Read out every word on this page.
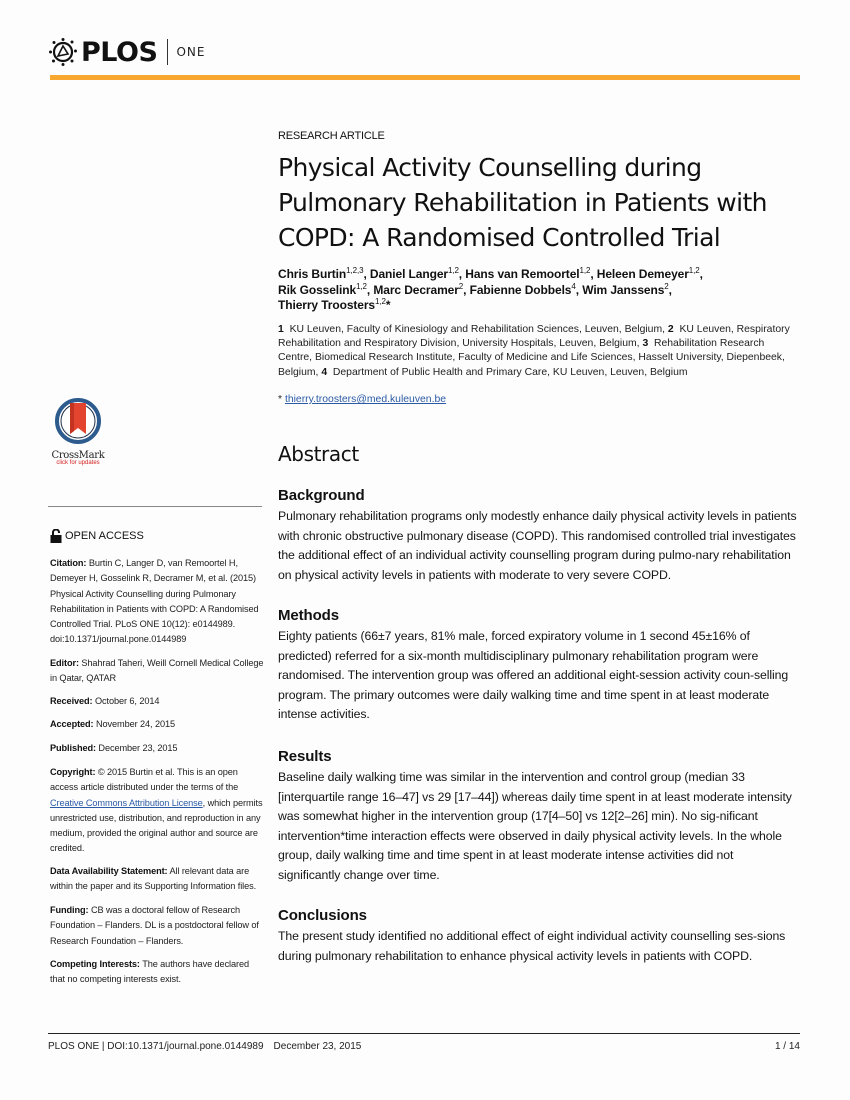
PLOS ONE
RESEARCH ARTICLE
Physical Activity Counselling during Pulmonary Rehabilitation in Patients with COPD: A Randomised Controlled Trial
Chris Burtin$^{1,2,3}$, Daniel Langer$^{1,2}$, Hans van Remoortel$^{1,2}$, Heleen Demeyer$^{1,2}$,
Rik Gosselink$^{1,2}$, Marc Decramer$^2$, Fabienne Dobbels$^4$, Wim Janssens$^2$,
Thierry Troosters$^{1,2}$*
1 KU Leuven, Faculty of Kinesiology and Rehabilitation Sciences, Leuven, Belgium, 2 KU Leuven, Respiratory Rehabilitation and Respiratory Division, University Hospitals, Leuven, Belgium, 3 Rehabilitation Research Centre, Biomedical Research Institute, Faculty of Medicine and Life Sciences, Hasselt University, Diepenbeek, Belgium, 4 Department of Public Health and Primary Care, KU Leuven, Leuven, Belgium
* thierry.troosters@med.kuleuven.be
Abstract
Background

Pulmonary rehabilitation programs only modestly enhance daily physical activity levels in patients with chronic obstructive pulmonary disease (COPD). This randomised controlled trial investigates the additional effect of an individual activity counselling program during pulmo-nary rehabilitation on physical activity levels in patients with moderate to very severe COPD.

Methods

Eighty patients (66±7 years, 81% male, forced expiratory volume in 1 second 45±16% of predicted) referred for a six-month multidisciplinary pulmonary rehabilitation program were randomised. The intervention group was offered an additional eight-session activity coun-selling program. The primary outcomes were daily walking time and time spent in at least moderate intense activities.

Results

Baseline daily walking time was similar in the intervention and control group (median 33 [interquartile range 16–47] vs 29 [17–44]) whereas daily time spent in at least moderate intensity was somewhat higher in the intervention group (17[4–50] vs 12[2–26] min). No sig-nificant intervention*time interaction effects were observed in daily physical activity levels. In the whole group, daily walking time and time spent in at least moderate intense activities did not significantly change over time.

Conclusions

The present study identified no additional effect of eight individual activity counselling ses-sions during pulmonary rehabilitation to enhance physical activity levels in patients with COPD.

CrossMark
click for updates
OPEN ACCESS
Citation: Burtin C, Langer D, van Remoortel H, Demeyer H, Gosselink R, Decramer M, et al. (2015) Physical Activity Counselling during Pulmonary Rehabilitation in Patients with COPD: A Randomised Controlled Trial. PLoS ONE 10(12): e0144989. doi:10.1371/journal.pone.0144989
Editor: Shahrad Taheri, Weill Cornell Medical College in Qatar, QATAR
Received: October 6, 2014
Accepted: November 24, 2015
Published: December 23, 2015
Copyright: © 2015 Burtin et al. This is an open access article distributed under the terms of the Creative Commons Attribution License, which permits unrestricted use, distribution, and reproduction in any medium, provided the original author and source are credited.
Data Availability Statement: All relevant data are within the paper and its Supporting Information files.
Funding: CB was a doctoral fellow of Research Foundation – Flanders. DL is a postdoctoral fellow of Research Foundation – Flanders.
Competing Interests: The authors have declared that no competing interests exist.
PLOS ONE | DOI:10.1371/journal.pone.0144989 December 23, 2015	1 / 14
